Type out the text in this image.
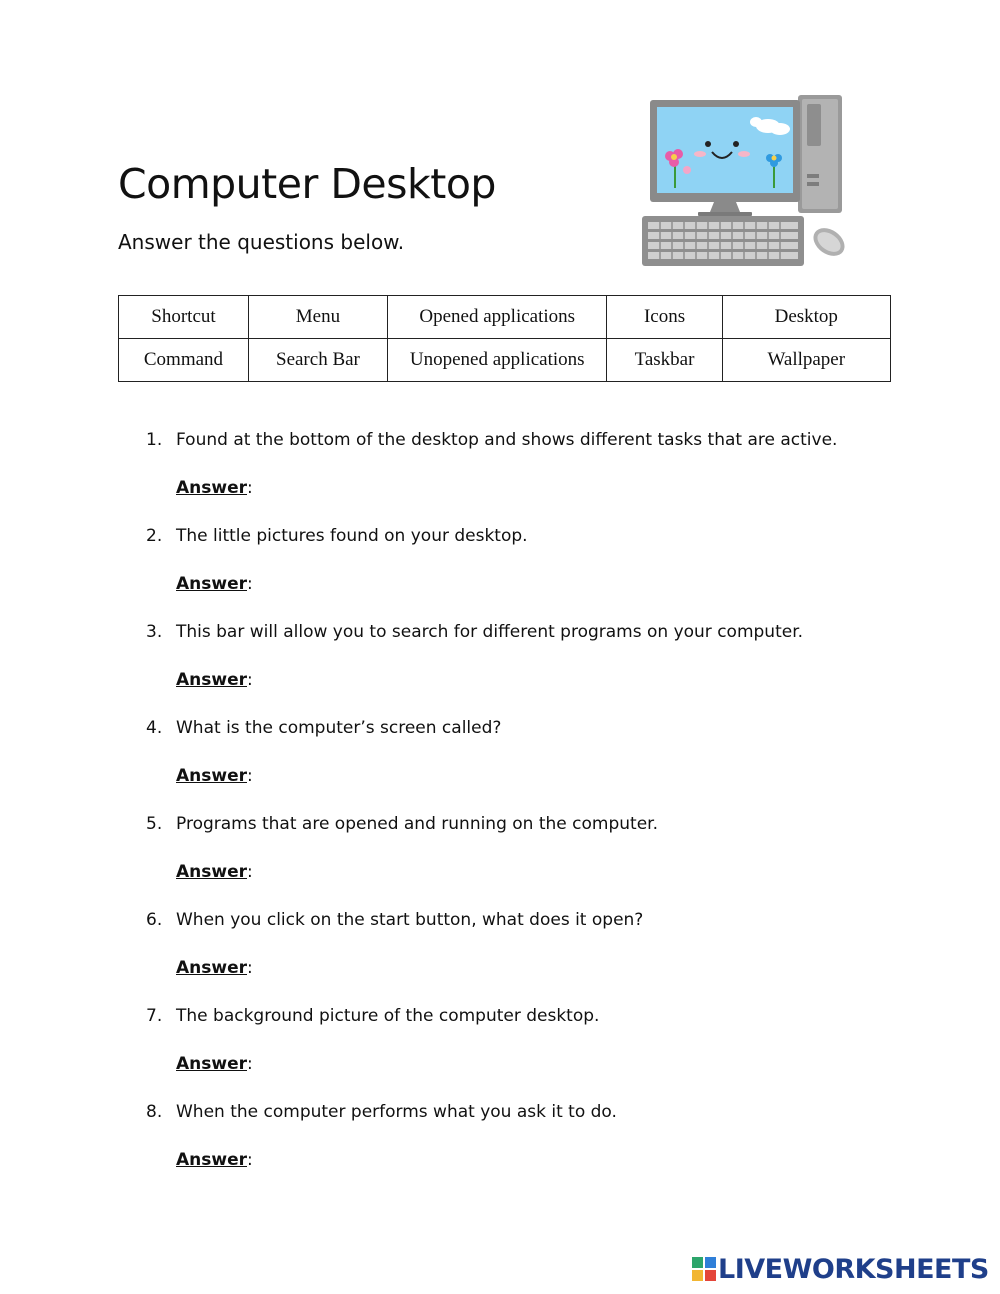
Computer Desktop

Answer the questions below.

Shortcut	Menu	Opened applications	Icons	Desktop
Command	Search Bar	Unopened applications	Taskbar	Wallpaper
1. Found at the bottom of the desktop and shows different tasks that are active.
Answer:
2. The little pictures found on your desktop.
Answer:
3. This bar will allow you to search for different programs on your computer.
Answer:
4. What is the computer’s screen called?
Answer:
5. Programs that are opened and running on the computer.
Answer:
6. When you click on the start button, what does it open?
Answer:
7. The background picture of the computer desktop.
Answer:
8. When the computer performs what you ask it to do.
Answer:
LIVEWORKSHEETS
